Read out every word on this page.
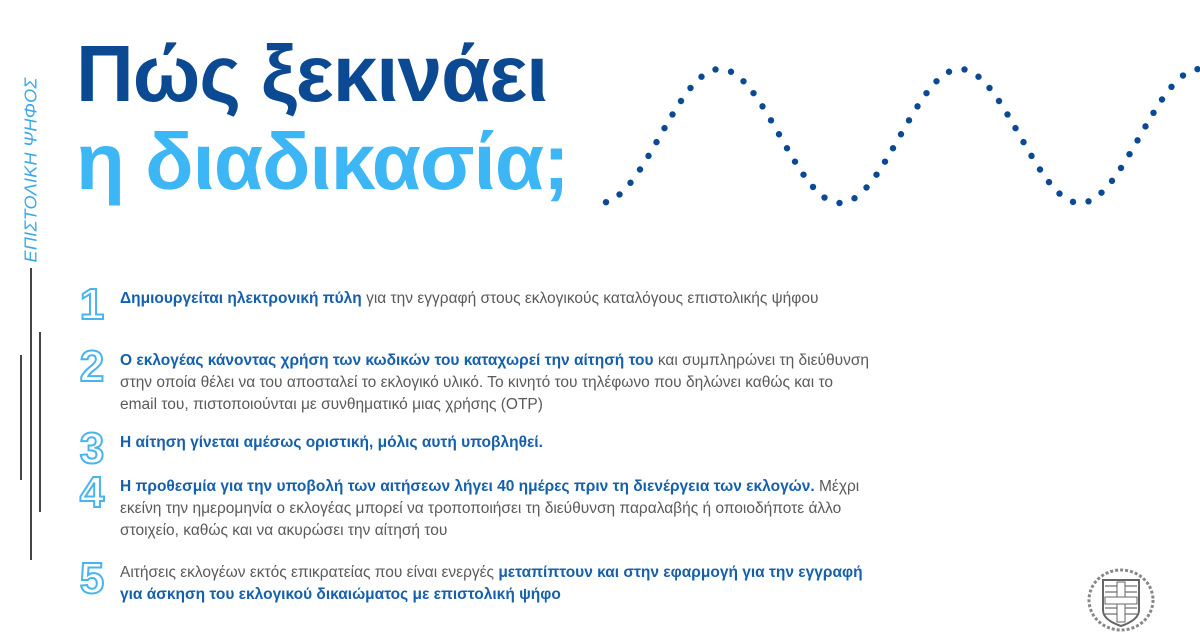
ΕΠΙΣΤΟΛΙΚΗ ΨΗΦΟΣ
Πώς ξεκινάει
η διαδικασία;
1	Δημιουργείται ηλεκτρονική πύλη για την εγγραφή στους εκλογικούς καταλόγους επιστολικής ψήφου
2	Ο εκλογέας κάνοντας χρήση των κωδικών του καταχωρεί την αίτησή του και συμπληρώνει τη διεύθυνση στην οποία θέλει να του αποσταλεί το εκλογικό υλικό. Το κινητό του τηλέφωνο που δηλώνει καθώς και το email του, πιστοποιούνται με συνθηματικό μιας χρήσης (OTP)
3	Η αίτηση γίνεται αμέσως οριστική, μόλις αυτή υποβληθεί.
4	Η προθεσμία για την υποβολή των αιτήσεων λήγει 40 ημέρες πριν τη διενέργεια των εκλογών. Μέχρι εκείνη την ημερομηνία ο εκλογέας μπορεί να τροποποιήσει τη διεύθυνση παραλαβής ή οποιοδήποτε άλλο στοιχείο, καθώς και να ακυρώσει την αίτησή του
5	Αιτήσεις εκλογέων εκτός επικρατείας που είναι ενεργές μεταπίπτουν και στην εφαρμογή για την εγγραφή για άσκηση του εκλογικού δικαιώματος με επιστολική ψήφο
